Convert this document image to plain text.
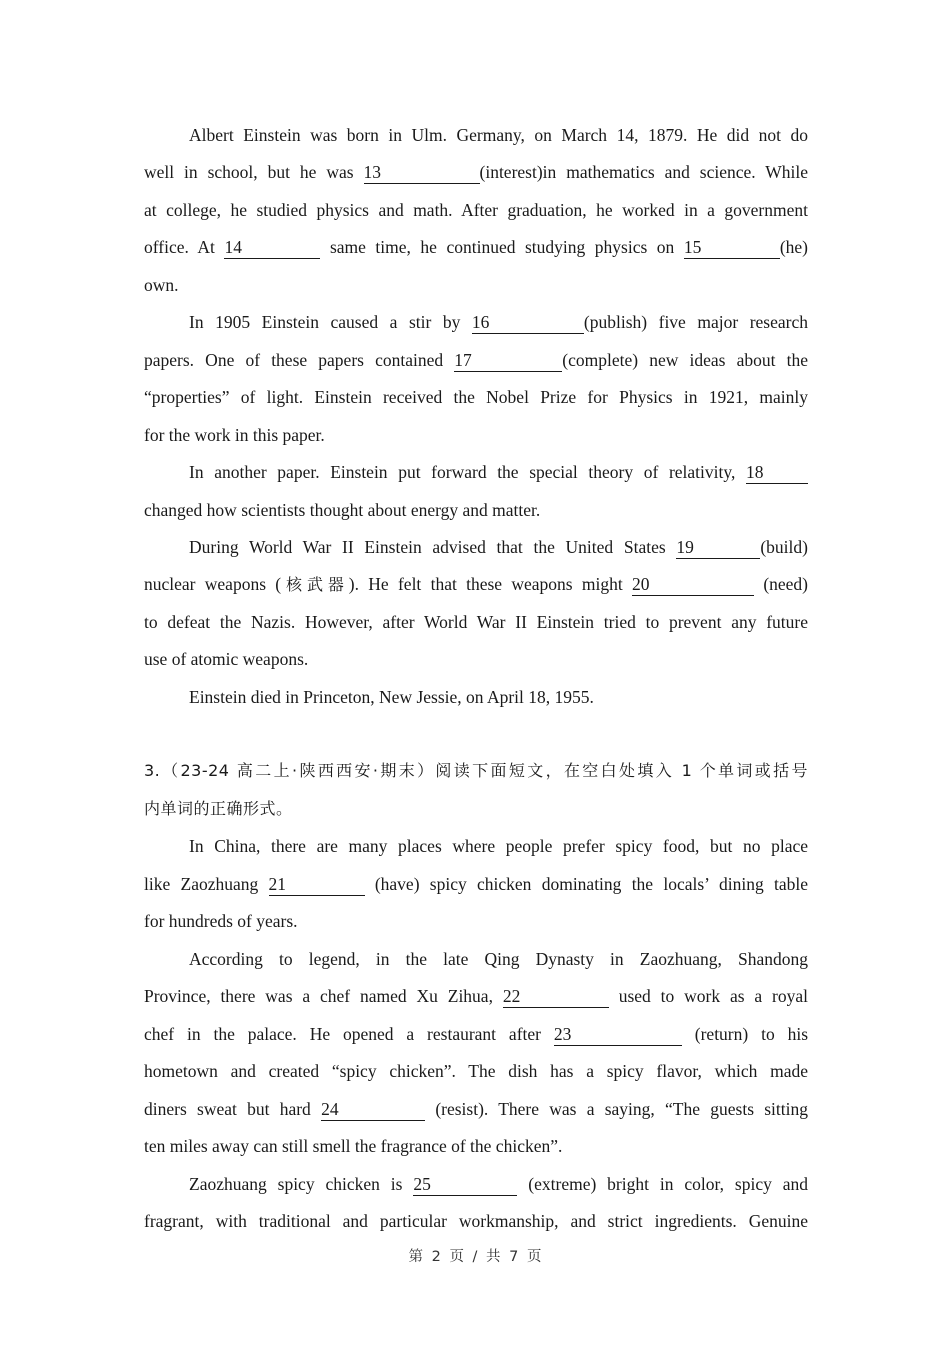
Albert Einstein was born in Ulm. Germany, on March 14, 1879. He did not do
well in school, but he was 13	(interest)in mathematics and science. While
at college, he studied physics and math. After graduation, he worked in a government
office. At 14	same time, he continued studying physics on 15	(he)
own.
In 1905 Einstein caused a stir by 16	(publish) five major research
papers. One of these papers contained 17	(complete) new ideas about the
“properties” of light. Einstein received the Nobel Prize for Physics in 1921, mainly
for the work in this paper.
In another paper. Einstein put forward the special theory of relativity, 18
changed how scientists thought about energy and matter.
During World War II Einstein advised that the United States 19	(build)
nuclear weapons (核武器). He felt that these weapons might 20	(need)
to defeat the Nazis. However, after World War II Einstein tried to prevent any future
use of atomic weapons.
Einstein died in Princeton, New Jessie, on April 18, 1955.
3.（23-24 高二上·陕西西安·期末）阅读下面短文，在空白处填入 1 个单词或括号
内单词的正确形式。
In China, there are many places where people prefer spicy food, but no place
like Zaozhuang 21	(have) spicy chicken dominating the locals’ dining table
for hundreds of years.
According to legend, in the late Qing Dynasty in Zaozhuang, Shandong
Province, there was a chef named Xu Zihua, 22	used to work as a royal
chef in the palace. He opened a restaurant after 23	(return) to his
hometown and created “spicy chicken”. The dish has a spicy flavor, which made
diners sweat but hard 24	(resist). There was a saying, “The guests sitting
ten miles away can still smell the fragrance of the chicken”.
Zaozhuang spicy chicken is 25	(extreme) bright in color, spicy and
fragrant, with traditional and particular workmanship, and strict ingredients. Genuine
第 2 页 / 共 7 页
